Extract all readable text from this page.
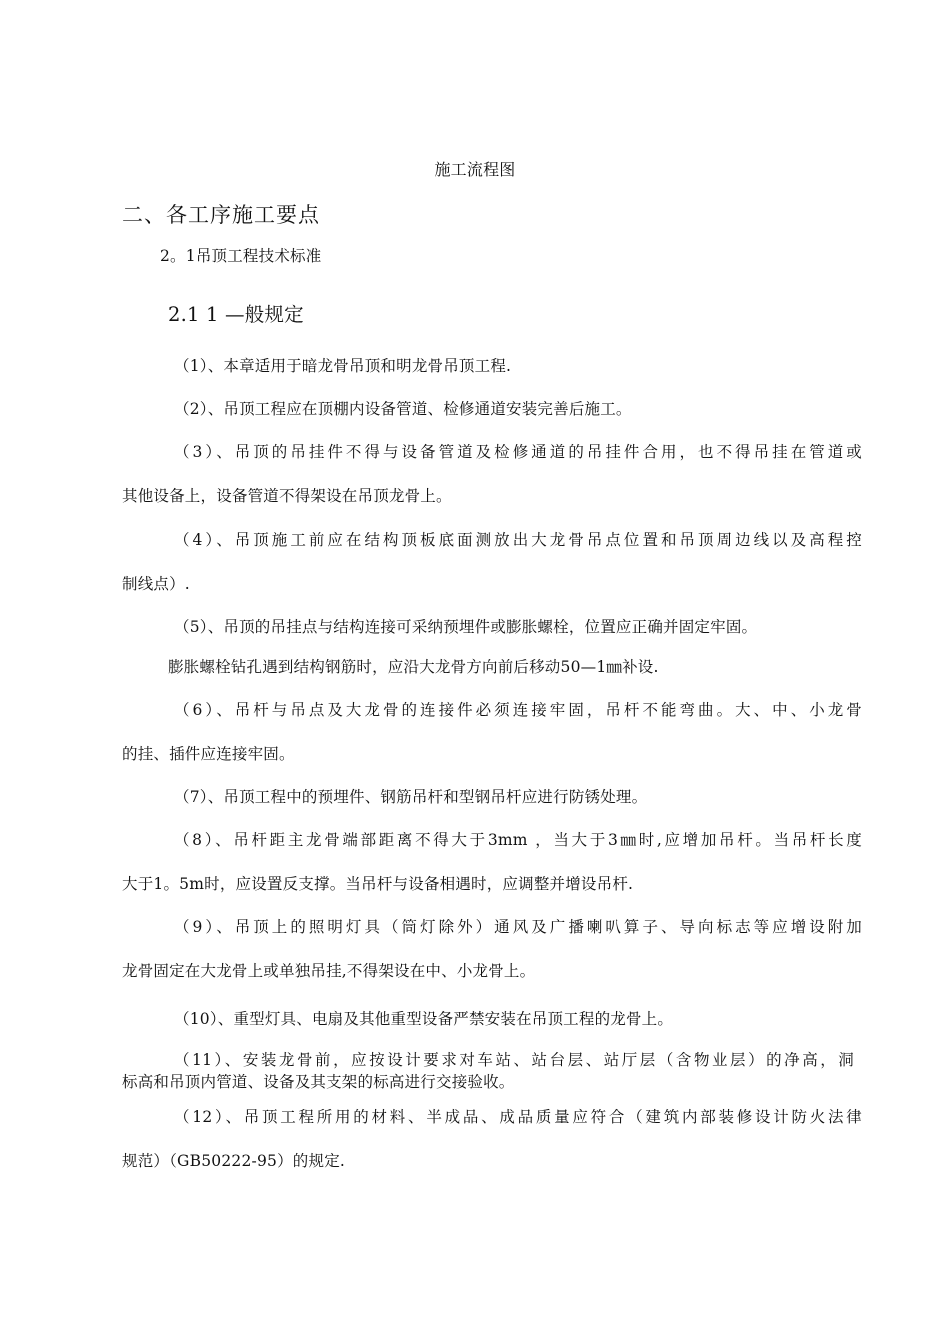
施工流程图
二、各工序施工要点
2。1吊顶工程技术标准
2.1 1 —般规定
（1）、本章适用于暗龙骨吊顶和明龙骨吊顶工程.
（2）、吊顶工程应在顶棚内设备管道、检修通道安装完善后施工。
（3）、吊顶的吊挂件不得与设备管道及检修通道的吊挂件合用，也不得吊挂在管道或
其他设备上，设备管道不得架设在吊顶龙骨上。
（4）、吊顶施工前应在结构顶板底面测放出大龙骨吊点位置和吊顶周边线以及高程控
制线点）.
（5）、吊顶的吊挂点与结构连接可采纳预埋件或膨胀螺栓，位置应正确并固定牢固。
膨胀螺栓钻孔遇到结构钢筋时，应沿大龙骨方向前后移动50—1㎜补设.
（6）、吊杆与吊点及大龙骨的连接件必须连接牢固，吊杆不能弯曲。大、中、小龙骨
的挂、插件应连接牢固。
（7）、吊顶工程中的预埋件、钢筋吊杆和型钢吊杆应进行防锈处理。
（8）、吊杆距主龙骨端部距离不得大于3mm ，当大于3㎜时,应增加吊杆。当吊杆长度
大于1。5m时，应设置反支撑。当吊杆与设备相遇时，应调整并增设吊杆.
（9）、吊顶上的照明灯具（筒灯除外）通风及广播喇叭算子、导向标志等应增设附加
龙骨固定在大龙骨上或单独吊挂,不得架设在中、小龙骨上。
（10）、重型灯具、电扇及其他重型设备严禁安装在吊顶工程的龙骨上。
（11）、安装龙骨前，应按设计要求对车站、站台层、站厅层（含物业层）的净高，洞
标高和吊顶内管道、设备及其支架的标高进行交接验收。
（12）、吊顶工程所用的材料、半成品、成品质量应符合（建筑内部装修设计防火法律
规范）（GB50222-95）的规定.
